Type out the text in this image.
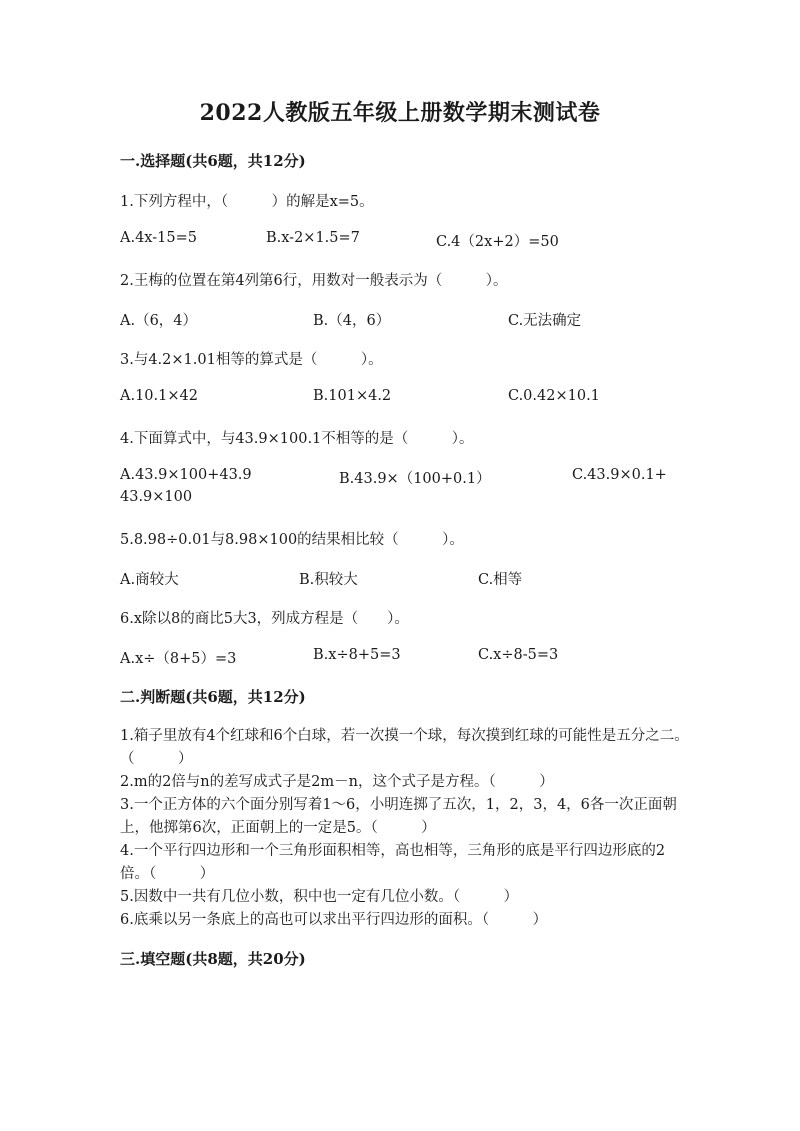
2022人教版五年级上册数学期末测试卷
一.选择题(共6题，共12分)
1.下列方程中，（　　　）的解是x=5。
A.4x-15=5	B.x-2×1.5=7	C.4（2x+2）=50
2.王梅的位置在第4列第6行，用数对一般表示为（　　　）。
A.（6，4）	B.（4，6）	C.无法确定
3.与4.2×1.01相等的算式是（　　　）。
A.10.1×42	B.101×4.2	C.0.42×10.1
4.下面算式中，与43.9×100.1不相等的是（　　　）。
A.43.9×100+43.9	B.43.9×（100+0.1）	C.43.9×0.1+
43.9×100
5.8.98÷0.01与8.98×100的结果相比较（　　　）。
A.商较大	B.积较大	C.相等
6.x除以8的商比5大3，列成方程是（　　）。
A.x÷（8+5）=3	B.x÷8+5=3	C.x÷8-5=3
二.判断题(共6题，共12分)
1.箱子里放有4个红球和6个白球，若一次摸一个球，每次摸到红球的可能性是五分之二。（　　　）
2.m的2倍与n的差写成式子是2m－n，这个式子是方程。（　　　）
3.一个正方体的六个面分别写着1～6，小明连掷了五次，1，2，3，4，6各一次正面朝上，他掷第6次，正面朝上的一定是5。（　　　）
4.一个平行四边形和一个三角形面积相等，高也相等，三角形的底是平行四边形底的2倍。（　　　）
5.因数中一共有几位小数，积中也一定有几位小数。（　　　）
6.底乘以另一条底上的高也可以求出平行四边形的面积。（　　　）
三.填空题(共8题，共20分)
